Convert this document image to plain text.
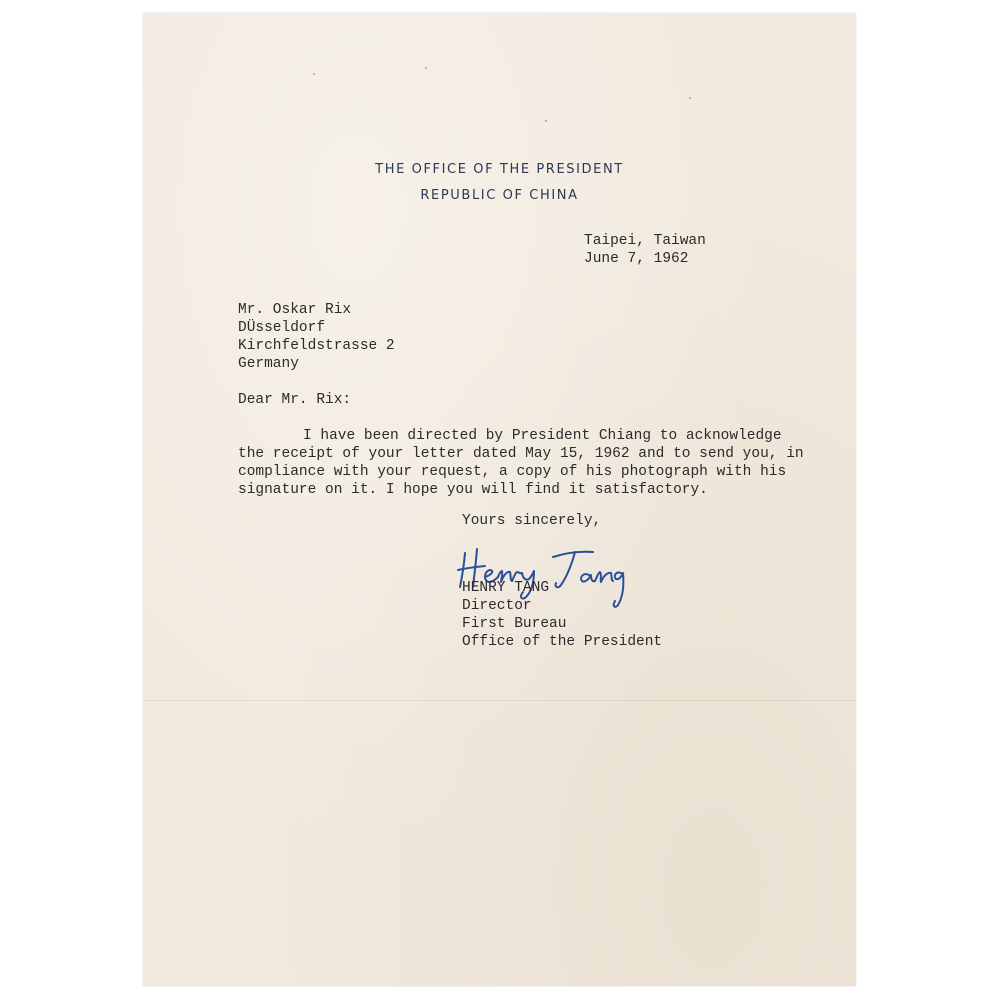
THE OFFICE OF THE PRESIDENT
REPUBLIC OF CHINA
Taipei, Taiwan
June 7, 1962
Mr. Oskar Rix
DÜsseldorf
Kirchfeldstrasse 2
Germany
Dear Mr. Rix:
I have been directed by President Chiang to acknowledge
the receipt of your letter dated May 15, 1962 and to send you, in
compliance with your request, a copy of his photograph with his
signature on it. I hope you will find it satisfactory.
Yours sincerely,
HENRY TANG
Director
First Bureau
Office of the President
